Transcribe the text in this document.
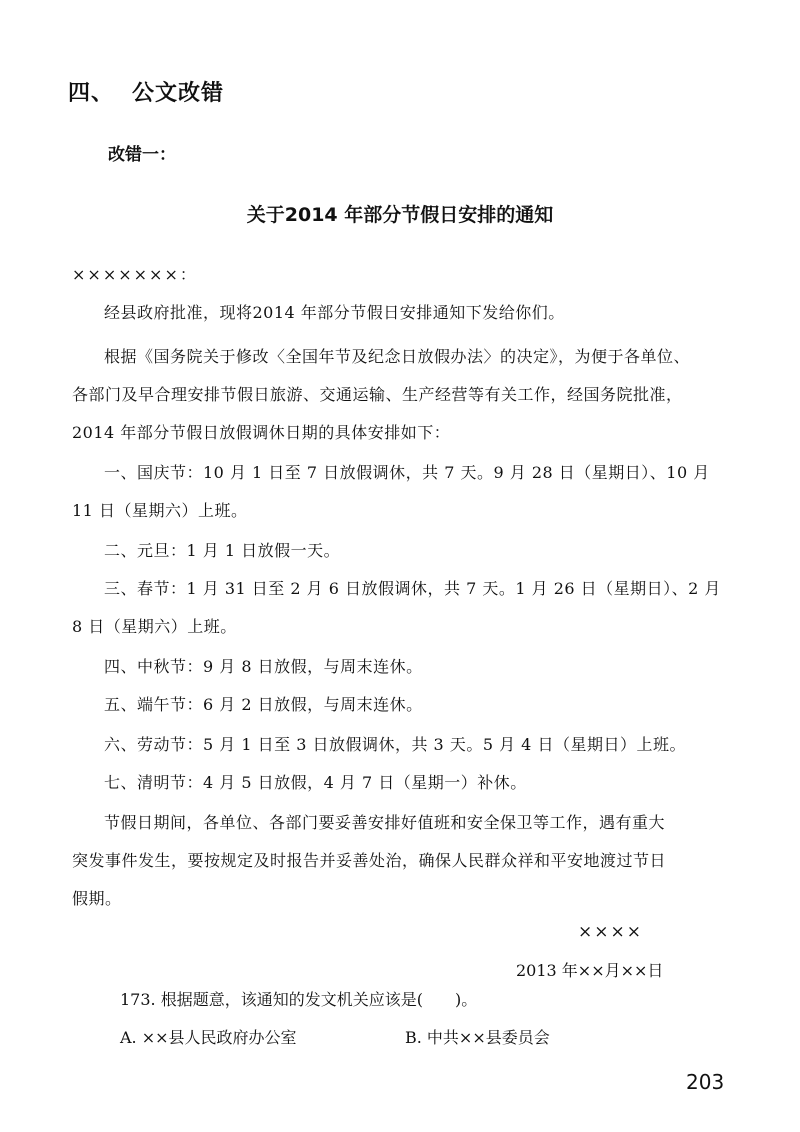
四、 公文改错
改错一：
关于2014 年部分节假日安排的通知
×××××××：
经县政府批准，现将2014 年部分节假日安排通知下发给你们。
根据《国务院关于修改〈全国年节及纪念日放假办法〉的决定》，为便于各单位、
各部门及早合理安排节假日旅游、交通运输、生产经营等有关工作，经国务院批准，
2014 年部分节假日放假调休日期的具体安排如下：
一、国庆节：10 月 1 日至 7 日放假调休，共 7 天。9 月 28 日（星期日）、10 月
11 日（星期六）上班。
二、元旦：1 月 1 日放假一天。
三、春节：1 月 31 日至 2 月 6 日放假调休，共 7 天。1 月 26 日（星期日）、2 月
8 日（星期六）上班。
四、中秋节：9 月 8 日放假，与周末连休。
五、端午节：6 月 2 日放假，与周末连休。
六、劳动节：5 月 1 日至 3 日放假调休，共 3 天。5 月 4 日（星期日）上班。
七、清明节：4 月 5 日放假，4 月 7 日（星期一）补休。
节假日期间，各单位、各部门要妥善安排好值班和安全保卫等工作，遇有重大
突发事件发生，要按规定及时报告并妥善处治，确保人民群众祥和平安地渡过节日
假期。
××××
2013 年××月××日
173. 根据题意，该通知的发文机关应该是(　　)。
A. ××县人民政府办公室	B. 中共××县委员会
203
